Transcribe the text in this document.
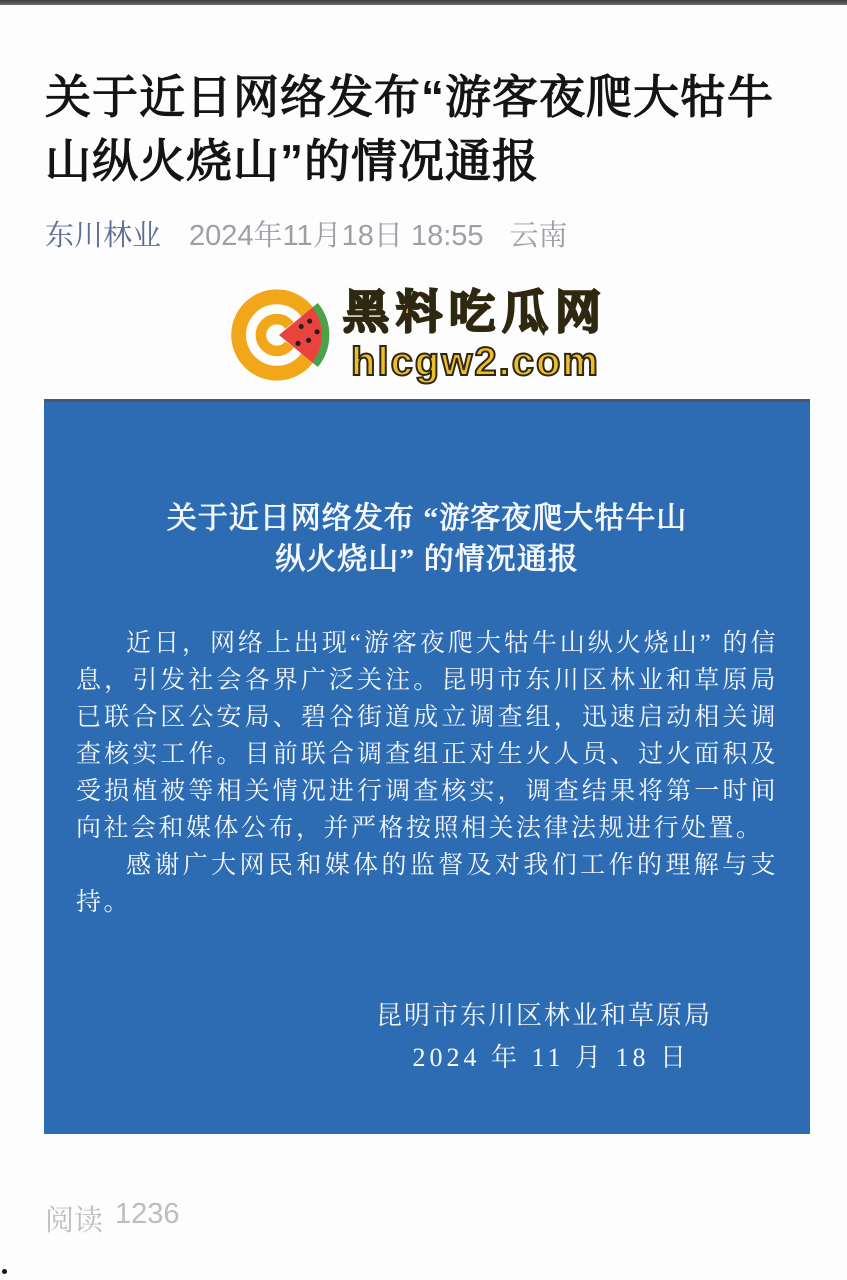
关于近日网络发布“游客夜爬大牯牛
山纵火烧山”的情况通报
东川林业 2024年11月18日 18:55 云南
黑料吃瓜网
hlcgw2.com
关于近日网络发布 “游客夜爬大牯牛山
纵火烧山” 的情况通报

近日，网络上出现“游客夜爬大牯牛山纵火烧山” 的信息，引发社会各界广泛关注。昆明市东川区林业和草原局已联合区公安局、碧谷街道成立调查组，迅速启动相关调查核实工作。目前联合调查组正对生火人员、过火面积及受损植被等相关情况进行调查核实，调查结果将第一时间向社会和媒体公布，并严格按照相关法律法规进行处置。

感谢广大网民和媒体的监督及对我们工作的理解与支持。

昆明市东川区林业和草原局
2024 年 11 月 18 日
阅读 1236
